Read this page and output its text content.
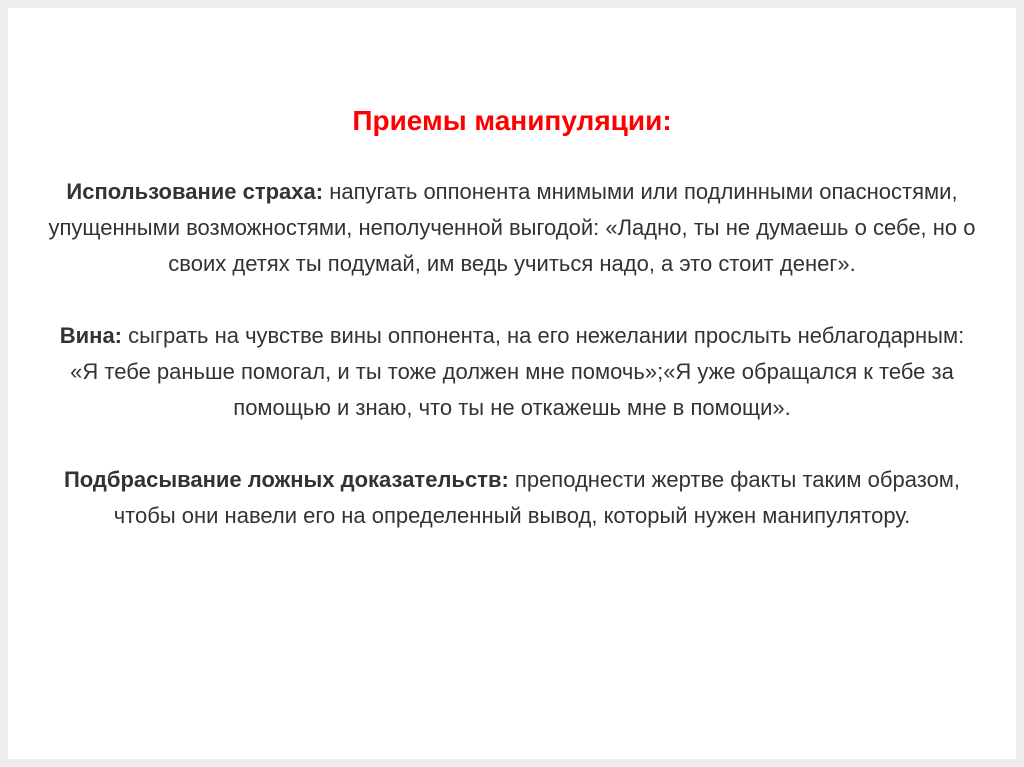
Приемы манипуляции:

Использование страха: напугать оппонента мнимыми или подлинными опасностями, упущенными возможностями, неполученной выгодой: «Ладно, ты не думаешь о себе, но о своих детях ты подумай, им ведь учиться надо, а это стоит денег».

Вина: сыграть на чувстве вины оппонента, на его нежелании прослыть неблагодарным: «Я тебе раньше помогал, и ты тоже должен мне помочь»;«Я уже обращался к тебе за помощью и знаю, что ты не откажешь мне в помощи».

Подбрасывание ложных доказательств: преподнести жертве факты таким образом, чтобы они навели его на определенный вывод, который нужен манипулятору.
